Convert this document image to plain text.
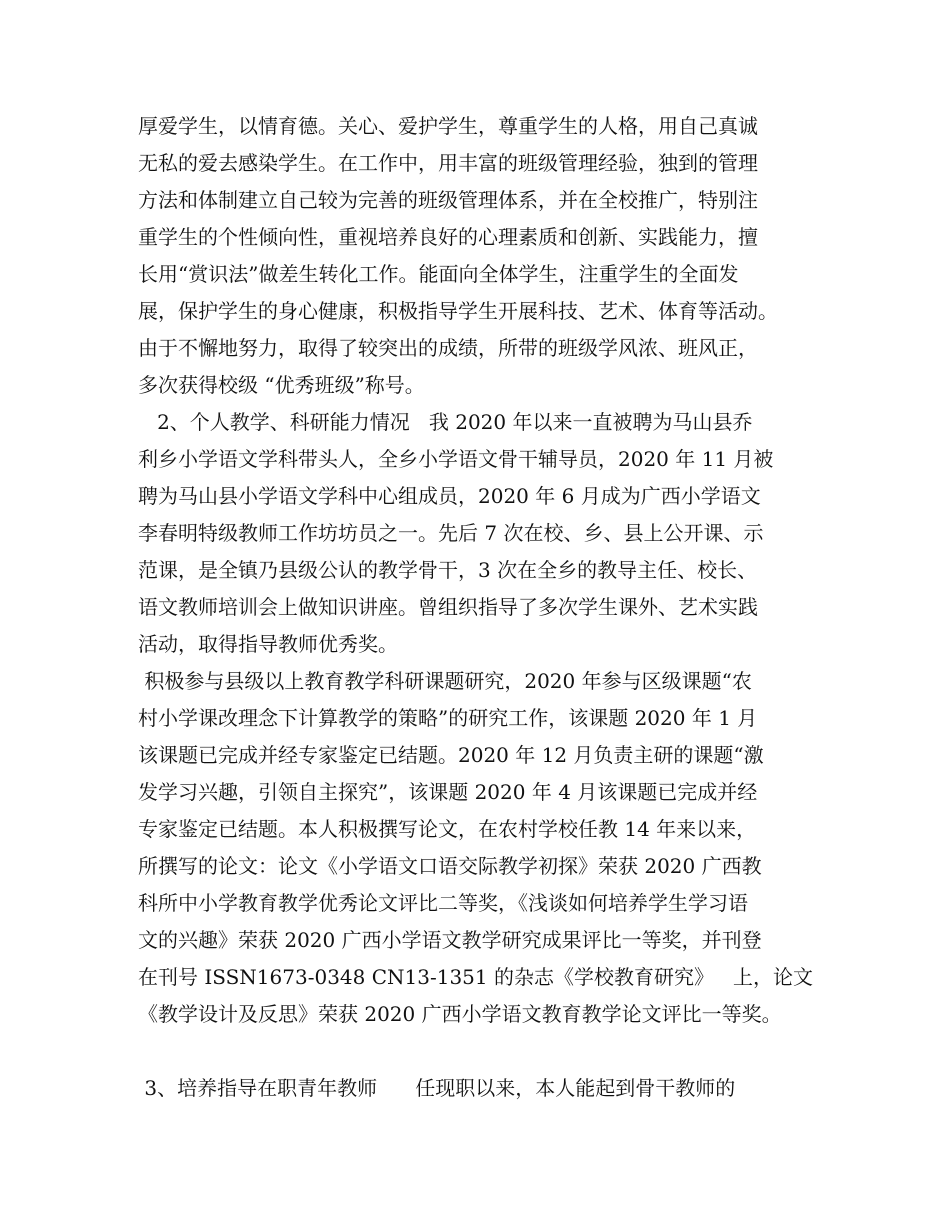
厚爱学生，以情育德。关心、爱护学生，尊重学生的人格，用自己真诚
无私的爱去感染学生。在工作中，用丰富的班级管理经验，独到的管理
方法和体制建立自己较为完善的班级管理体系，并在全校推广，特别注
重学生的个性倾向性，重视培养良好的心理素质和创新、实践能力，擅
长用“赏识法”做差生转化工作。能面向全体学生，注重学生的全面发
展，保护学生的身心健康，积极指导学生开展科技、艺术、体育等活动。
由于不懈地努力，取得了较突出的成绩，所带的班级学风浓、班风正，
多次获得校级 “优秀班级”称号。
2、个人教学、科研能力情况   我 2020 年以来一直被聘为马山县乔
利乡小学语文学科带头人，全乡小学语文骨干辅导员，2020 年 11 月被
聘为马山县小学语文学科中心组成员，2020 年 6 月成为广西小学语文
李春明特级教师工作坊坊员之一。先后 7 次在校、乡、县上公开课、示
范课，是全镇乃县级公认的教学骨干，3 次在全乡的教导主任、校长、
语文教师培训会上做知识讲座。曾组织指导了多次学生课外、艺术实践
活动，取得指导教师优秀奖。
积极参与县级以上教育教学科研课题研究，2020 年参与区级课题“农
村小学课改理念下计算教学的策略”的研究工作，该课题 2020 年 1 月
该课题已完成并经专家鉴定已结题。2020 年 12 月负责主研的课题“激
发学习兴趣，引领自主探究”，该课题 2020 年 4 月该课题已完成并经
专家鉴定已结题。本人积极撰写论文，在农村学校任教 14 年来以来，
所撰写的论文：论文《小学语文口语交际教学初探》荣获 2020 广西教
科所中小学教育教学优秀论文评比二等奖，《浅谈如何培养学生学习语
文的兴趣》荣获 2020 广西小学语文教学研究成果评比一等奖，并刊登
在刊号 ISSN1673-0348 CN13-1351 的杂志《学校教育研究》   上，论文
《教学设计及反思》荣获 2020 广西小学语文教育教学论文评比一等奖。
3、培养指导在职青年教师      任现职以来，本人能起到骨干教师的
